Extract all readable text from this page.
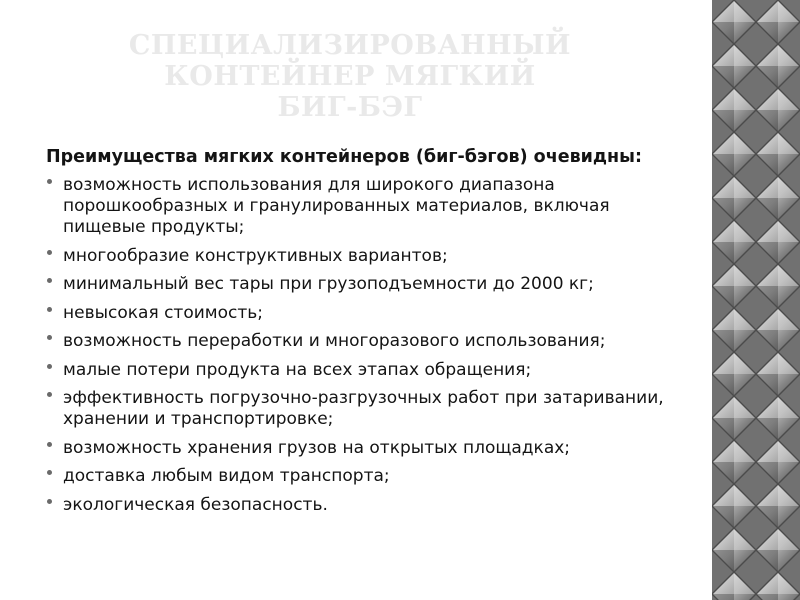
СПЕЦИАЛИЗИРОВАННЫЙ
КОНТЕЙНЕР МЯГКИЙ
БИГ-БЭГ
Преимущества мягких контейнеров (биг-бэгов) очевидны:
возможность использования для широкого диапазона порошкообразных и гранулированных материалов, включая пищевые продукты;
многообразие конструктивных вариантов;
минимальный вес тары при грузоподъемности до 2000 кг;
невысокая стоимость;
возможность переработки и многоразового использования;
малые потери продукта на всех этапах обращения;
эффективность погрузочно-разгрузочных работ при затаривании, хранении и транспортировке;
возможность хранения грузов на открытых площадках;
доставка любым видом транспорта;
экологическая безопасность.
